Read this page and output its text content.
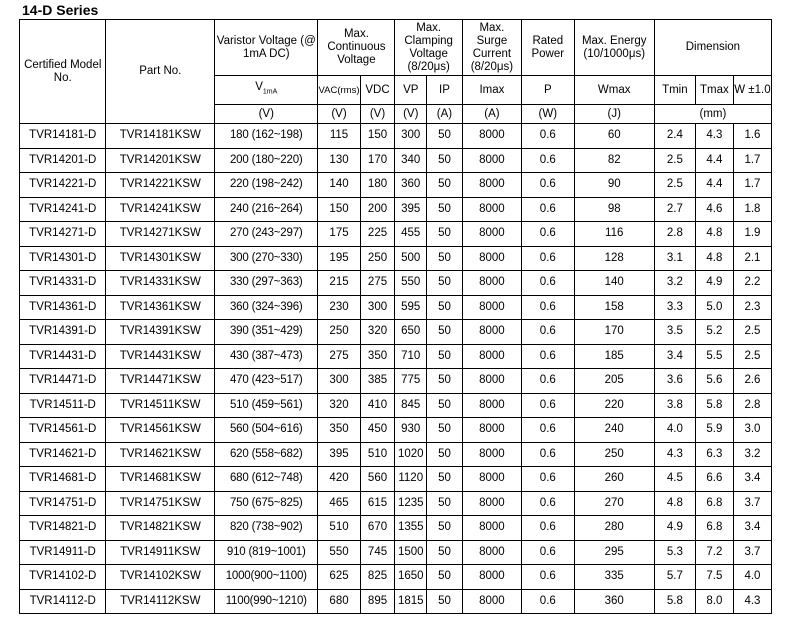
14-D Series
Certified Model No.	Part No.	Varistor Voltage (@ 1mA DC)	Max. Continuous Voltage		Max. Clamping Voltage (8/20μs)		Max. Surge Current (8/20μs)	Rated Power	Max. Energy (10/1000μs)	Dimension		
		$V_{1mA}$	VAC(rms)	VDC	VP	IP	Imax	P	Wmax	Tmin	Tmax	W ±1.0
		(V)	(V)	(V)	(V)	(A)	(A)	(W)	(J)	(mm)		
TVR14181-D	TVR14181KSW	180 (162~198)	115	150	300	50	8000	0.6	60	2.4	4.3	1.6
TVR14201-D	TVR14201KSW	200 (180~220)	130	170	340	50	8000	0.6	82	2.5	4.4	1.7
TVR14221-D	TVR14221KSW	220 (198~242)	140	180	360	50	8000	0.6	90	2.5	4.4	1.7
TVR14241-D	TVR14241KSW	240 (216~264)	150	200	395	50	8000	0.6	98	2.7	4.6	1.8
TVR14271-D	TVR14271KSW	270 (243~297)	175	225	455	50	8000	0.6	116	2.8	4.8	1.9
TVR14301-D	TVR14301KSW	300 (270~330)	195	250	500	50	8000	0.6	128	3.1	4.8	2.1
TVR14331-D	TVR14331KSW	330 (297~363)	215	275	550	50	8000	0.6	140	3.2	4.9	2.2
TVR14361-D	TVR14361KSW	360 (324~396)	230	300	595	50	8000	0.6	158	3.3	5.0	2.3
TVR14391-D	TVR14391KSW	390 (351~429)	250	320	650	50	8000	0.6	170	3.5	5.2	2.5
TVR14431-D	TVR14431KSW	430 (387~473)	275	350	710	50	8000	0.6	185	3.4	5.5	2.5
TVR14471-D	TVR14471KSW	470 (423~517)	300	385	775	50	8000	0.6	205	3.6	5.6	2.6
TVR14511-D	TVR14511KSW	510 (459~561)	320	410	845	50	8000	0.6	220	3.8	5.8	2.8
TVR14561-D	TVR14561KSW	560 (504~616)	350	450	930	50	8000	0.6	240	4.0	5.9	3.0
TVR14621-D	TVR14621KSW	620 (558~682)	395	510	1020	50	8000	0.6	250	4.3	6.3	3.2
TVR14681-D	TVR14681KSW	680 (612~748)	420	560	1120	50	8000	0.6	260	4.5	6.6	3.4
TVR14751-D	TVR14751KSW	750 (675~825)	465	615	1235	50	8000	0.6	270	4.8	6.8	3.7
TVR14821-D	TVR14821KSW	820 (738~902)	510	670	1355	50	8000	0.6	280	4.9	6.8	3.4
TVR14911-D	TVR14911KSW	910 (819~1001)	550	745	1500	50	8000	0.6	295	5.3	7.2	3.7
TVR14102-D	TVR14102KSW	1000(900~1100)	625	825	1650	50	8000	0.6	335	5.7	7.5	4.0
TVR14112-D	TVR14112KSW	1100(990~1210)	680	895	1815	50	8000	0.6	360	5.8	8.0	4.3
